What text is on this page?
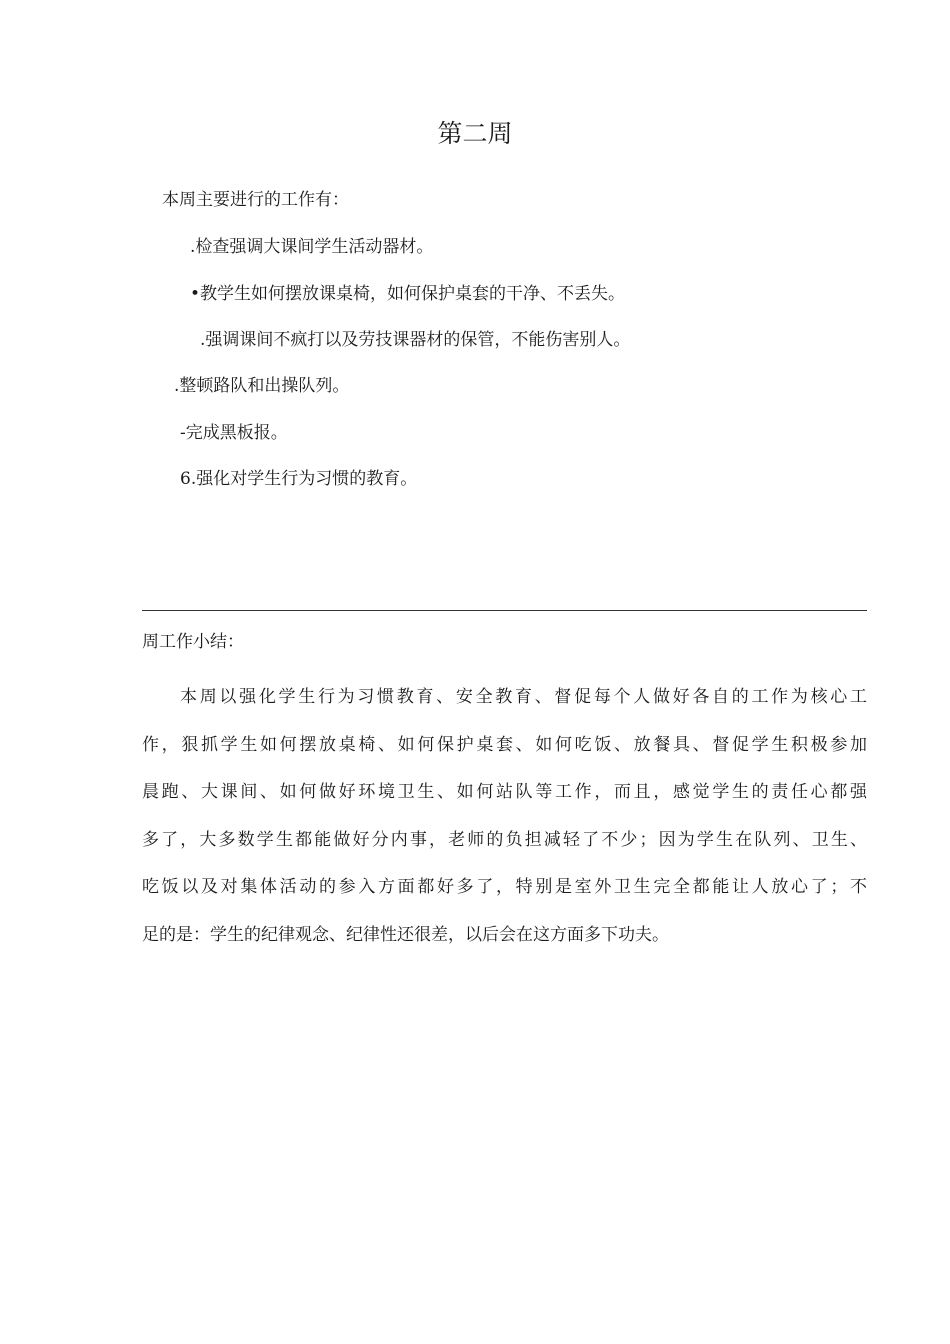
第二周
本周主要进行的工作有：
.检查强调大课间学生活动器材。
•教学生如何摆放课桌椅，如何保护桌套的干净、不丢失。
.强调课间不疯打以及劳技课器材的保管，不能伤害别人。
.整顿路队和出操队列。
-完成黑板报。
6.强化对学生行为习惯的教育。
周工作小结：
本周以强化学生行为习惯教育、安全教育、督促每个人做好各自的工作为核心工
作，狠抓学生如何摆放桌椅、如何保护桌套、如何吃饭、放餐具、督促学生积极参加
晨跑、大课间、如何做好环境卫生、如何站队等工作，而且，感觉学生的责任心都强
多了，大多数学生都能做好分内事，老师的负担减轻了不少；因为学生在队列、卫生、
吃饭以及对集体活动的参入方面都好多了，特别是室外卫生完全都能让人放心了；不
足的是：学生的纪律观念、纪律性还很差，以后会在这方面多下功夫。
